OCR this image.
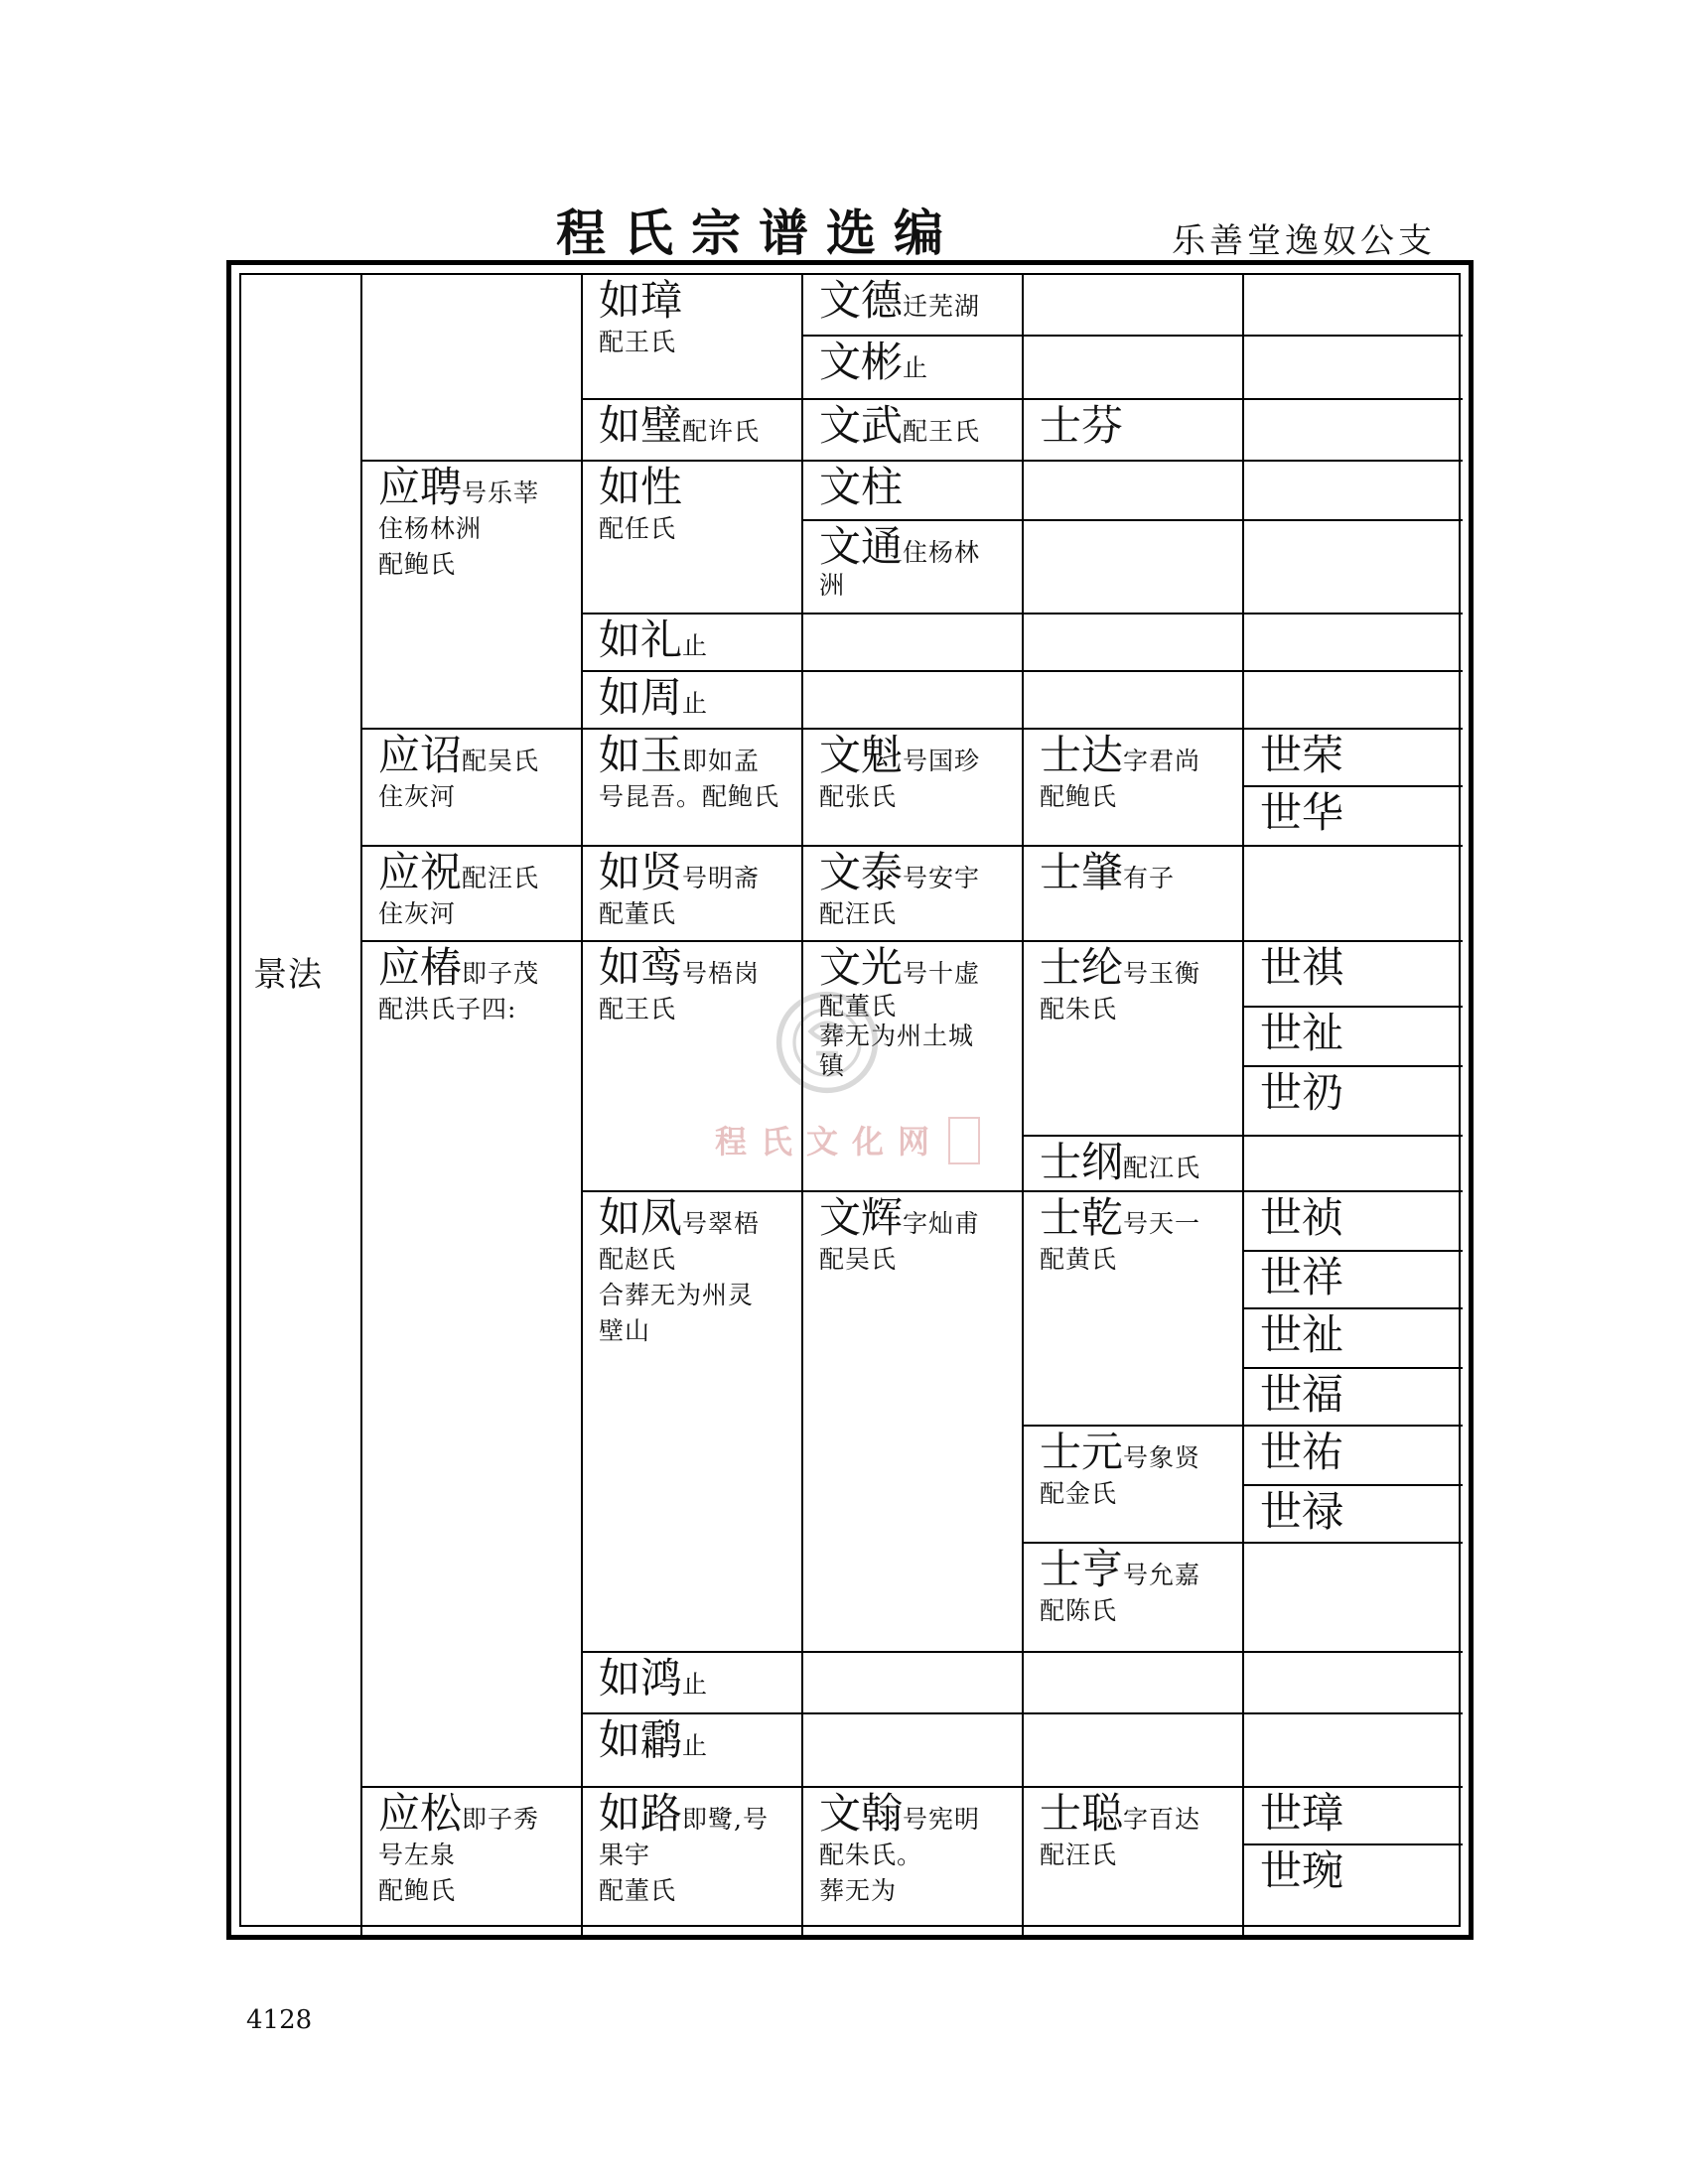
程氏宗谱选编	乐善堂逸奴公支
景法
应聘号乐莘
住杨林洲
配鲍氏
应诏配吴氏
住灰河
应祝配汪氏
住灰河
应椿即子茂
配洪氏子四:
应松即子秀
号左泉
配鲍氏
如璋
配王氏
如璧配许氏
如性
配任氏
如礼止
如周止
如玉即如孟
号昆吾。配鲍氏
如贤号明斋
配董氏
如鸾号梧岗
配王氏
如凤号翠梧
配赵氏
合葬无为州灵
壁山
如鸿止
如鹴止
如路即鹭,号
果宇
配董氏
文德迁芜湖
文彬止
文武配王氏
文柱
文通住杨林
洲
文魁号国珍
配张氏
文泰号安宇
配汪氏
文光号十虚
配董氏
葬无为州土城
镇
文辉字灿甫
配吴氏
文翰号宪明
配朱氏。
葬无为
士芬
士达字君尚
配鲍氏
士肇有子
士纶号玉衡
配朱氏
士纲配江氏
士乾号天一
配黄氏
士元号象贤
配金氏
士亨号允嘉
配陈氏
士聪字百达
配汪氏
世荣
世华
世祺
世祉
世礽
世祯
世祥
世祉
世福
世祐
世禄
世璋
世琬
程氏文化网
4128
